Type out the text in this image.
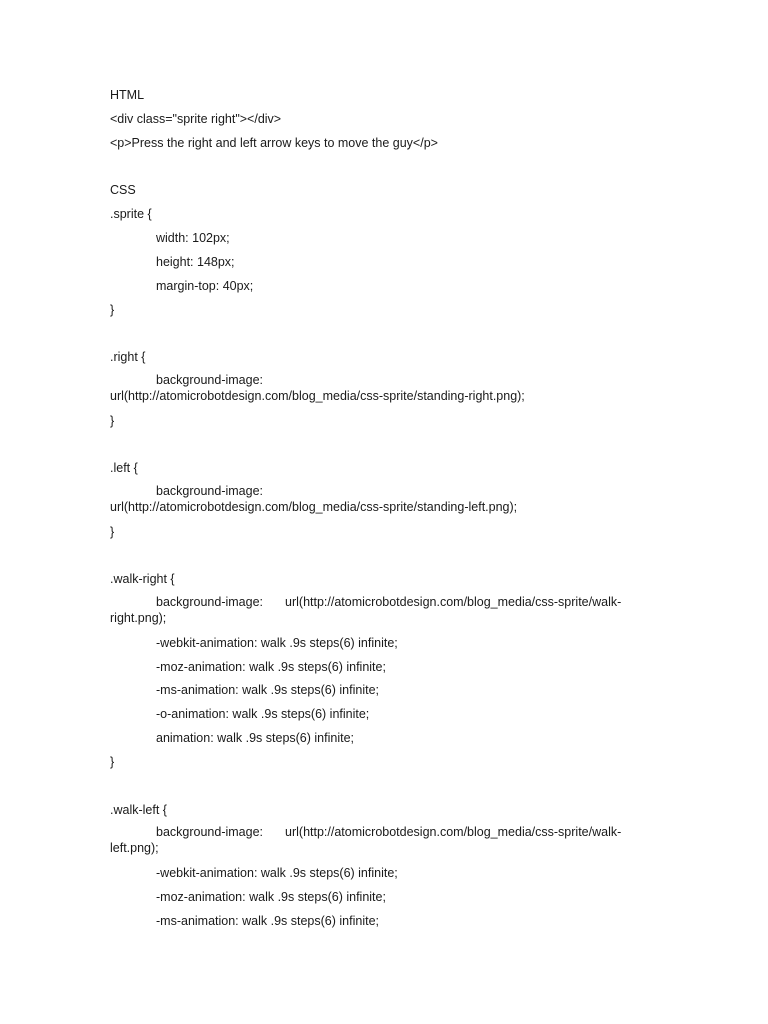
HTML
<div class="sprite right"></div>
<p>Press the right and left arrow keys to move the guy</p>
CSS
.sprite {
width: 102px;
height: 148px;
margin-top: 40px;
}
.right {
background-image:
url(http://atomicrobotdesign.com/blog_media/css-sprite/standing-right.png);
}
.left {
background-image:
url(http://atomicrobotdesign.com/blog_media/css-sprite/standing-left.png);
}
.walk-right {
background-image: url(http://atomicrobotdesign.com/blog_media/css-sprite/walk-
right.png);
-webkit-animation: walk .9s steps(6) infinite;
-moz-animation: walk .9s steps(6) infinite;
-ms-animation: walk .9s steps(6) infinite;
-o-animation: walk .9s steps(6) infinite;
animation: walk .9s steps(6) infinite;
}
.walk-left {
background-image: url(http://atomicrobotdesign.com/blog_media/css-sprite/walk-
left.png);
-webkit-animation: walk .9s steps(6) infinite;
-moz-animation: walk .9s steps(6) infinite;
-ms-animation: walk .9s steps(6) infinite;
